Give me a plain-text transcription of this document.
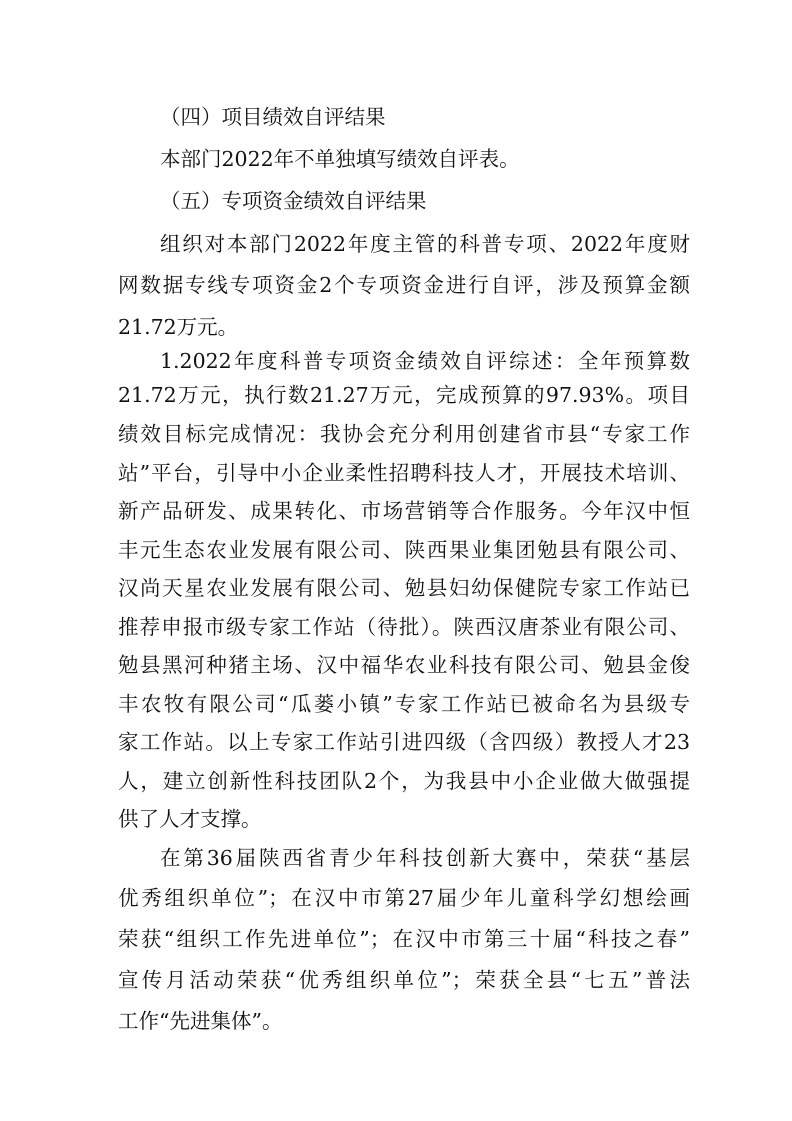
（四）项目绩效自评结果
本部门2022年不单独填写绩效自评表。
（五）专项资金绩效自评结果
组织对本部门2022年度主管的科普专项、2022年度财
网数据专线专项资金2个专项资金进行自评，涉及预算金额
21.72万元。
1.2022年度科普专项资金绩效自评综述：全年预算数
21.72万元，执行数21.27万元，完成预算的97.93%。项目
绩效目标完成情况：我协会充分利用创建省市县“专家工作
站”平台，引导中小企业柔性招聘科技人才，开展技术培训、
新产品研发、成果转化、市场营销等合作服务。今年汉中恒
丰元生态农业发展有限公司、陕西果业集团勉县有限公司、
汉尚天星农业发展有限公司、勉县妇幼保健院专家工作站已
推荐申报市级专家工作站（待批）。陕西汉唐茶业有限公司、
勉县黑河种猪主场、汉中福华农业科技有限公司、勉县金俊
丰农牧有限公司“瓜蒌小镇”专家工作站已被命名为县级专
家工作站。以上专家工作站引进四级（含四级）教授人才23
人，建立创新性科技团队2个，为我县中小企业做大做强提
供了人才支撑。
在第36届陕西省青少年科技创新大赛中，荣获“基层
优秀组织单位”；在汉中市第27届少年儿童科学幻想绘画
荣获“组织工作先进单位”；在汉中市第三十届“科技之春”
宣传月活动荣获“优秀组织单位”；荣获全县“七五”普法
工作“先进集体”。
